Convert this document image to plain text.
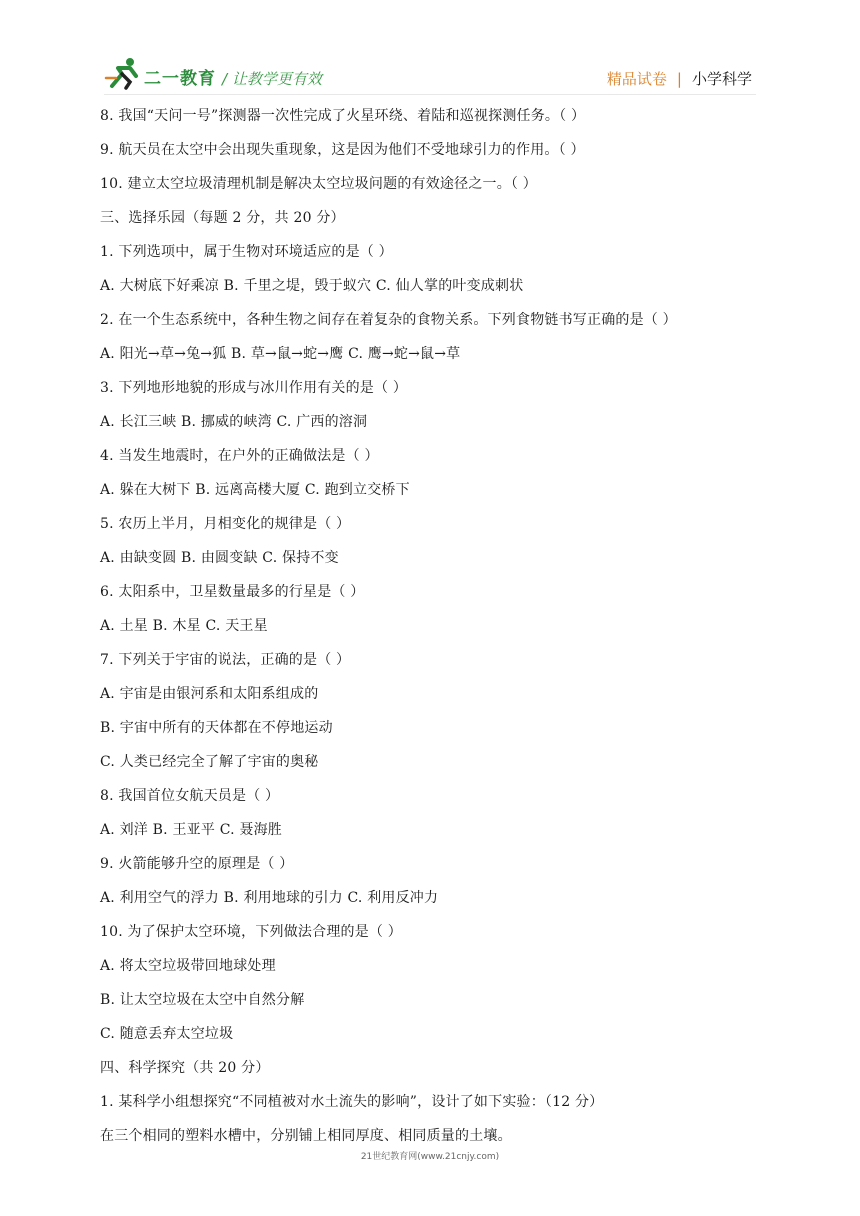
二一教育 / 让教学更有效	精品试卷 | 小学科学
8. 我国“天问一号”探测器一次性完成了火星环绕、着陆和巡视探测任务。（ ）
9. 航天员在太空中会出现失重现象，这是因为他们不受地球引力的作用。（ ）
10. 建立太空垃圾清理机制是解决太空垃圾问题的有效途径之一。（ ）
三、选择乐园（每题 2 分，共 20 分）
1. 下列选项中，属于生物对环境适应的是（ ）
A. 大树底下好乘凉 B. 千里之堤，毁于蚁穴 C. 仙人掌的叶变成刺状
2. 在一个生态系统中，各种生物之间存在着复杂的食物关系。下列食物链书写正确的是（ ）
A. 阳光→草→兔→狐 B. 草→鼠→蛇→鹰 C. 鹰→蛇→鼠→草
3. 下列地形地貌的形成与冰川作用有关的是（ ）
A. 长江三峡 B. 挪威的峡湾 C. 广西的溶洞
4. 当发生地震时，在户外的正确做法是（ ）
A. 躲在大树下 B. 远离高楼大厦 C. 跑到立交桥下
5. 农历上半月，月相变化的规律是（ ）
A. 由缺变圆 B. 由圆变缺 C. 保持不变
6. 太阳系中，卫星数量最多的行星是（ ）
A. 土星 B. 木星 C. 天王星
7. 下列关于宇宙的说法，正确的是（ ）
A. 宇宙是由银河系和太阳系组成的
B. 宇宙中所有的天体都在不停地运动
C. 人类已经完全了解了宇宙的奥秘
8. 我国首位女航天员是（ ）
A. 刘洋 B. 王亚平 C. 聂海胜
9. 火箭能够升空的原理是（ ）
A. 利用空气的浮力 B. 利用地球的引力 C. 利用反冲力
10. 为了保护太空环境，下列做法合理的是（ ）
A. 将太空垃圾带回地球处理
B. 让太空垃圾在太空中自然分解
C. 随意丢弃太空垃圾
四、科学探究（共 20 分）
1. 某科学小组想探究“不同植被对水土流失的影响”，设计了如下实验：（12 分）
在三个相同的塑料水槽中，分别铺上相同厚度、相同质量的土壤。
21世纪教育网(www.21cnjy.com)
